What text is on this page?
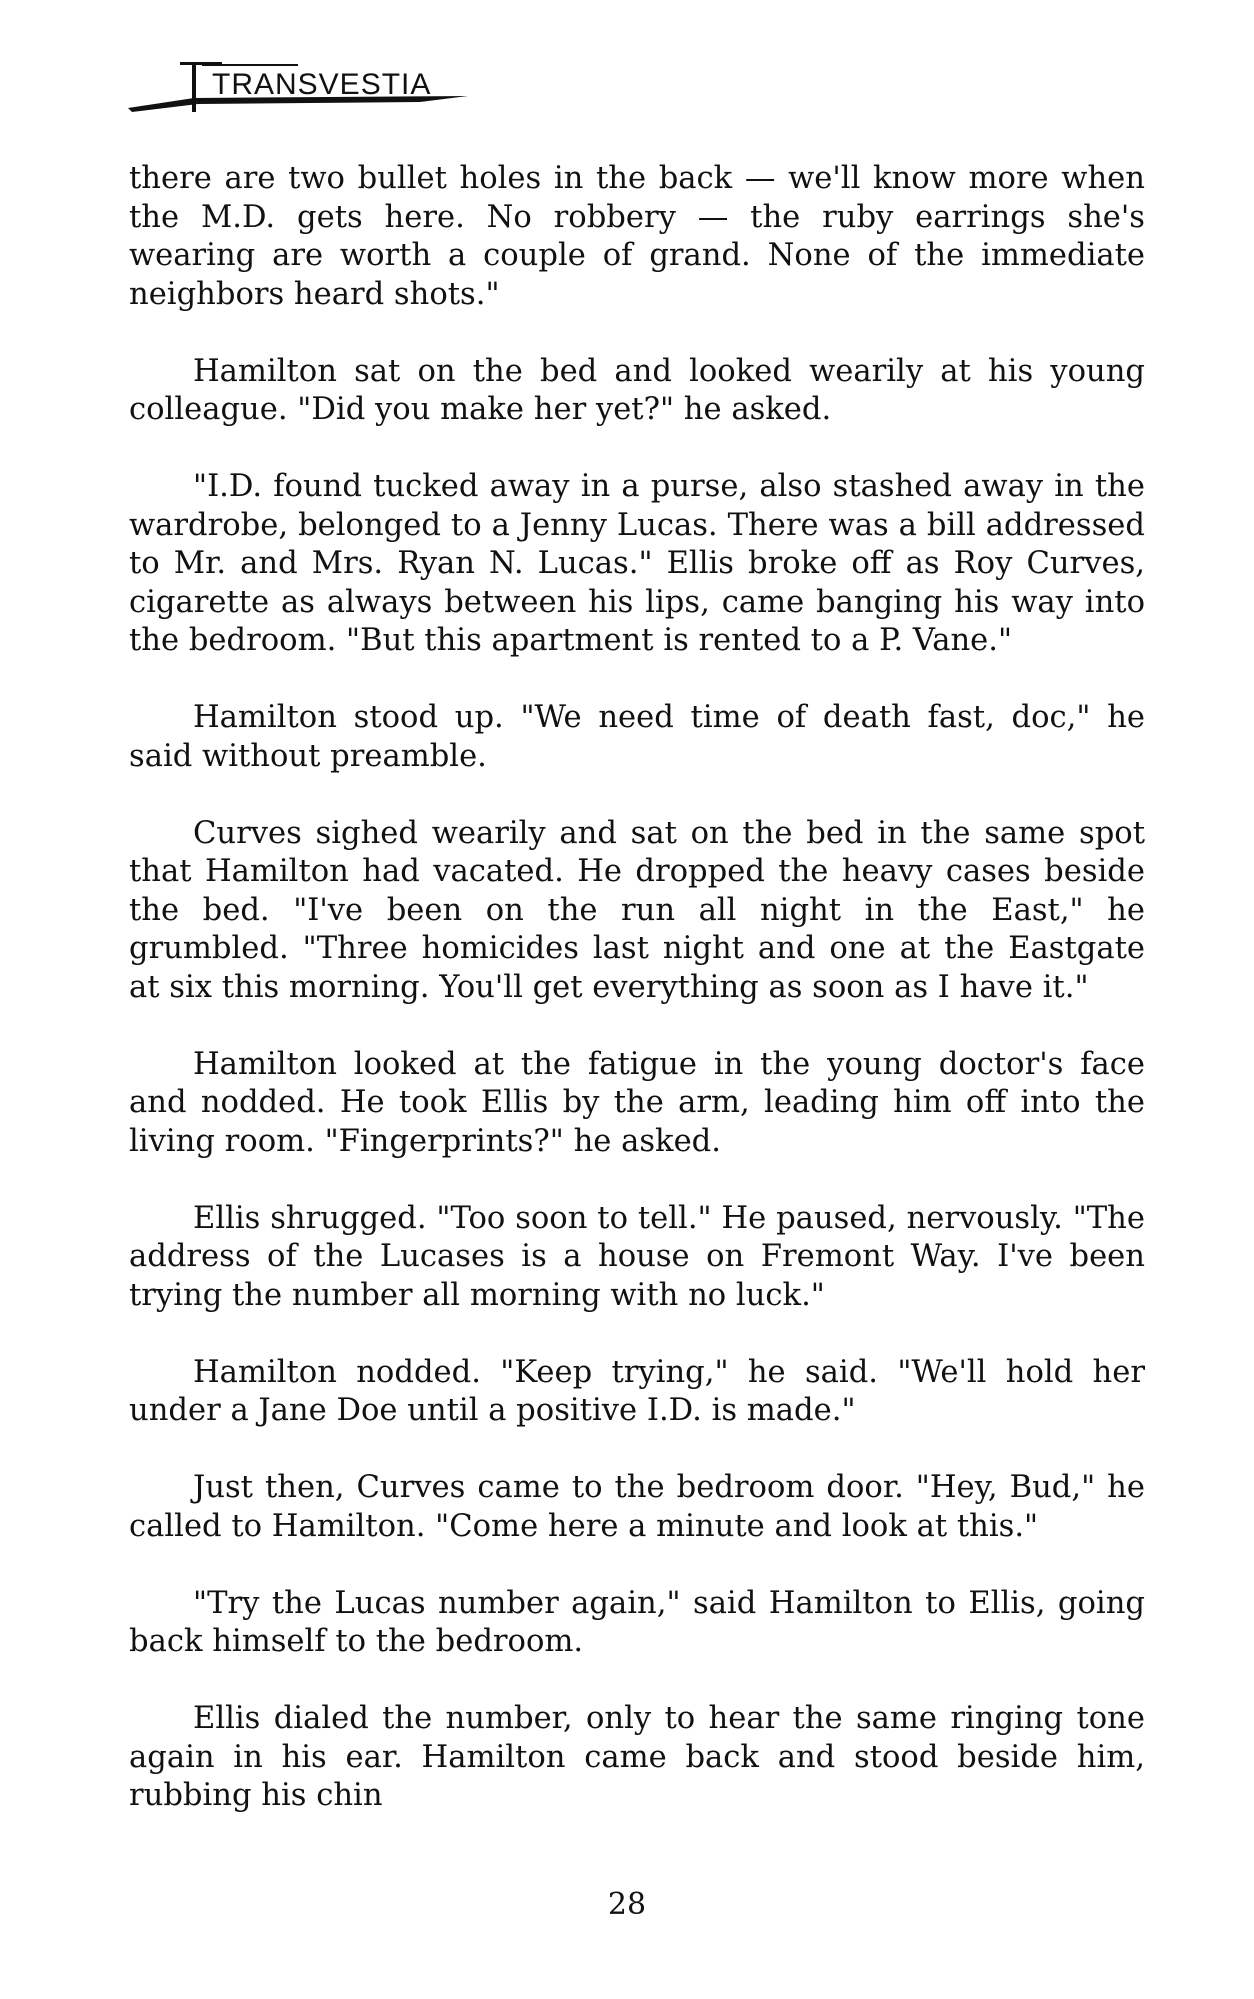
TRANSVESTIA

there are two bullet holes in the back — we'll know more when the M.D. gets here. No robbery — the ruby earrings she's wearing are worth a couple of grand. None of the immediate neighbors heard shots."

Hamilton sat on the bed and looked wearily at his young colleague. "Did you make her yet?" he asked.

"I.D. found tucked away in a purse, also stashed away in the wardrobe, belonged to a Jenny Lucas. There was a bill addressed to Mr. and Mrs. Ryan N. Lucas." Ellis broke off as Roy Curves, cigarette as always between his lips, came banging his way into the bedroom. "But this apartment is rented to a P. Vane."

Hamilton stood up. "We need time of death fast, doc," he said without preamble.

Curves sighed wearily and sat on the bed in the same spot that Hamilton had vacated. He dropped the heavy cases beside the bed. "I've been on the run all night in the East," he grumbled. "Three homicides last night and one at the Eastgate at six this morning. You'll get everything as soon as I have it."

Hamilton looked at the fatigue in the young doctor's face and nodded. He took Ellis by the arm, leading him off into the living room. "Fingerprints?" he asked.

Ellis shrugged. "Too soon to tell." He paused, nervously. "The address of the Lucases is a house on Fremont Way. I've been trying the number all morning with no luck."

Hamilton nodded. "Keep trying," he said. "We'll hold her under a Jane Doe until a positive I.D. is made."

Just then, Curves came to the bedroom door. "Hey, Bud," he called to Hamilton. "Come here a minute and look at this."

"Try the Lucas number again," said Hamilton to Ellis, going back himself to the bedroom.

Ellis dialed the number, only to hear the same ringing tone again in his ear. Hamilton came back and stood beside him, rubbing his chin

28
